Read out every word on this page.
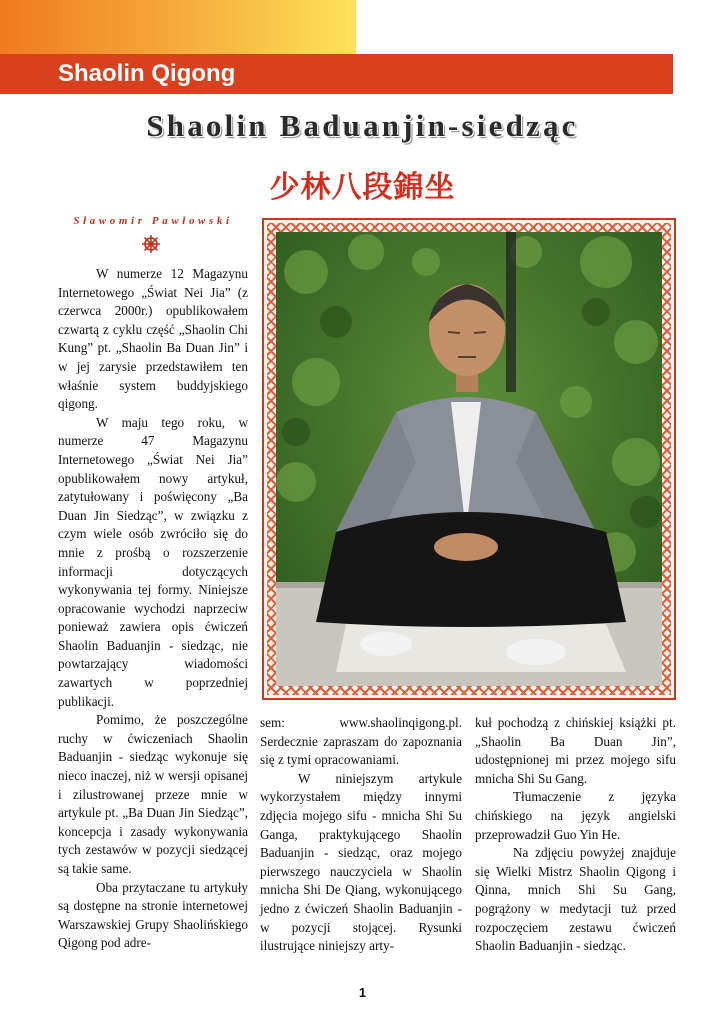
Shaolin Qigong
Shaolin Baduanjin-siedząc
少林八段錦坐
Sławomir Pawłowski

W numerze 12 Magazynu Internetowego „Świat Nei Jia” (z czerwca 2000r.) opublikowałem czwartą z cyklu część „Shaolin Chi Kung” pt. „Shaolin Ba Duan Jin” i w jej zarysie przedstawiłem ten właśnie system buddyjskiego qigong.

W maju tego roku, w numerze 47 Magazynu Internetowego „Świat Nei Jia” opublikowałem nowy artykuł, zatytułowany i poświęcony „Ba Duan Jin Siedząc”, w związku z czym wiele osób zwróciło się do mnie z prośbą o rozszerzenie informacji dotyczących wykonywania tej formy. Niniejsze opracowanie wychodzi naprzeciw ponieważ zawiera opis ćwiczeń Shaolin Baduanjin - siedząc, nie powtarzający wiadomości zawartych w poprzedniej publikacji.

Pomimo, że poszczególne ruchy w ćwiczeniach Shaolin Baduanjin - siedząc wykonuje się nieco inaczej, niż w wersji opisanej i zilustrowanej przeze mnie w artykule pt. „Ba Duan Jin Siedząc”, koncepcja i zasady wykonywania tych zestawów w pozycji siedzącej są takie same.

Oba przytaczane tu artykuły są dostępne na stronie internetowej Warszawskiej Grupy Shaolińskiego Qigong pod adre-

sem: www.shaolinqigong.pl. Serdecznie zapraszam do zapoznania się z tymi opracowaniami.

W niniejszym artykule wykorzystałem między innymi zdjęcia mojego sifu - mnicha Shi Su Ganga, praktykującego Shaolin Baduanjin - siedząc, oraz mojego pierwszego nauczyciela w Shaolin mnicha Shi De Qiang, wykonującego jedno z ćwiczeń Shaolin Baduanjin - w pozycji stojącej. Rysunki ilustrujące niniejszy arty-

kuł pochodzą z chińskiej książki pt. „Shaolin Ba Duan Jin”, udostępnionej mi przez mojego sifu mnicha Shi Su Gang.

Tłumaczenie z języka chińskiego na język angielski przeprowadził Guo Yin He.

Na zdjęciu powyżej znajduje się Wielki Mistrz Shaolin Qigong i Qinna, mnich Shi Su Gang, pogrążony w medytacji tuż przed rozpoczęciem zestawu ćwiczeń Shaolin Baduanjin - siedząc.

1
